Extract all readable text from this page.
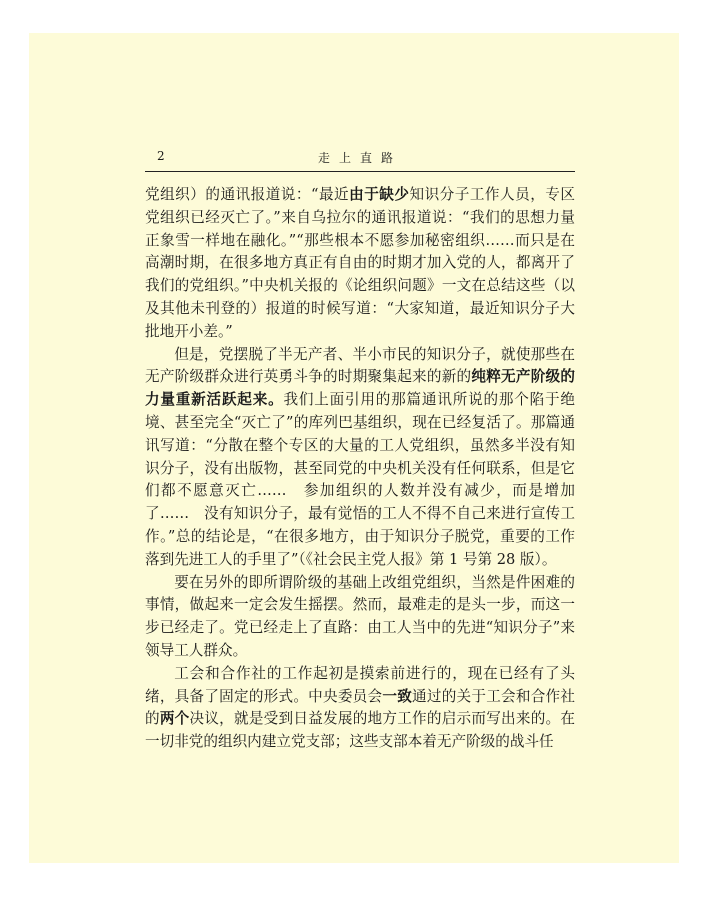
2	走上直路

党组织）的通讯报道说：“最近由于缺少知识分子工作人员，专区党组织已经灭亡了。”来自乌拉尔的通讯报道说：“我们的思想力量正象雪一样地在融化。”“那些根本不愿参加秘密组织……而只是在高潮时期，在很多地方真正有自由的时期才加入党的人，都离开了我们的党组织。”中央机关报的《论组织问题》一文在总结这些（以及其他未刊登的）报道的时候写道：“大家知道，最近知识分子大批地开小差。”

但是，党摆脱了半无产者、半小市民的知识分子，就使那些在无产阶级群众进行英勇斗争的时期聚集起来的新的纯粹无产阶级的力量重新活跃起来。我们上面引用的那篇通讯所说的那个陷于绝境、甚至完全“灭亡了”的库列巴基组织，现在已经复活了。那篇通讯写道：“分散在整个专区的大量的工人党组织，虽然多半没有知识分子，没有出版物，甚至同党的中央机关没有任何联系，但是它们都不愿意灭亡……　参加组织的人数并没有减少，而是增加了……　没有知识分子，最有觉悟的工人不得不自己来进行宣传工作。”总的结论是，“在很多地方，由于知识分子脱党，重要的工作落到先进工人的手里了”（《社会民主党人报》第 1 号第 28 版）。

要在另外的即所谓阶级的基础上改组党组织，当然是件困难的事情，做起来一定会发生摇摆。然而，最难走的是头一步，而这一步已经走了。党已经走上了直路：由工人当中的先进“知识分子”来领导工人群众。

工会和合作社的工作起初是摸索前进行的，现在已经有了头绪，具备了固定的形式。中央委员会一致通过的关于工会和合作社的两个决议，就是受到日益发展的地方工作的启示而写出来的。在一切非党的组织内建立党支部；这些支部本着无产阶级的战斗任
